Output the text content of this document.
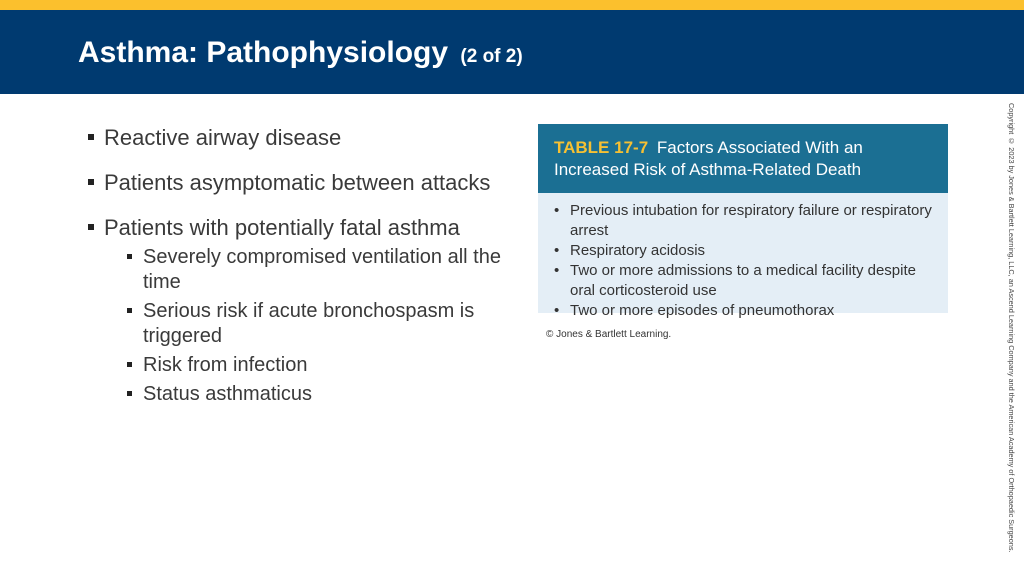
Asthma: Pathophysiology (2 of 2)
Reactive airway disease
Patients asymptomatic between attacks
Patients with potentially fatal asthma
Severely compromised ventilation all the time
Serious risk if acute bronchospasm is triggered
Risk from infection
Status asthmaticus
TABLE 17-7 Factors Associated With an Increased Risk of Asthma-Related Death
• Previous intubation for respiratory failure or respiratory arrest
• Respiratory acidosis
• Two or more admissions to a medical facility despite oral corticosteroid use
• Two or more episodes of pneumothorax
© Jones & Bartlett Learning.	Copyright © 2023 by Jones & Bartlett Learning, LLC, an Ascend Learning Company and the American Academy of Orthopaedic Surgeons.
